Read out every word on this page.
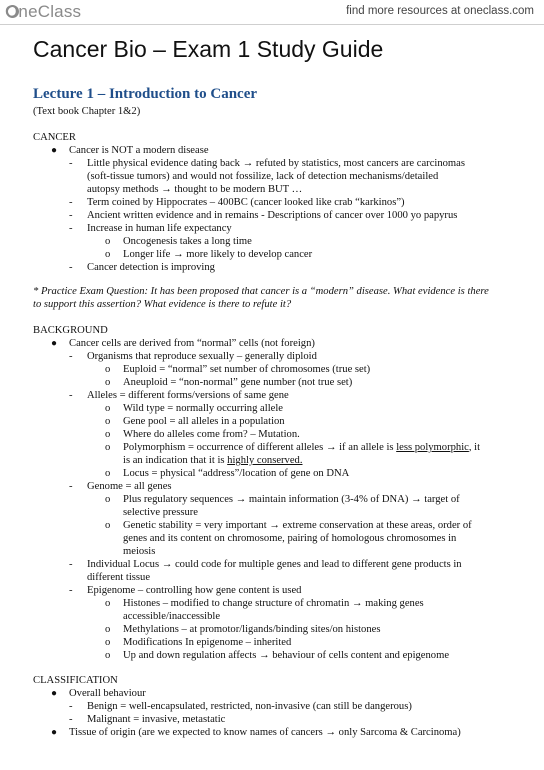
OneClass	find more resources at oneclass.com
Cancer Bio – Exam 1 Study Guide
Lecture 1 – Introduction to Cancer
(Text book Chapter 1&2)
CANCER
● Cancer is NOT a modern disease
- Little physical evidence dating back → refuted by statistics, most cancers are carcinomas
(soft-tissue tumors) and would not fossilize, lack of detection mechanisms/detailed
autopsy methods → thought to be modern BUT …
- Term coined by Hippocrates – 400BC (cancer looked like crab “karkinos”)
- Ancient written evidence and in remains - Descriptions of cancer over 1000 yo papyrus
- Increase in human life expectancy
o Oncogenesis takes a long time
o Longer life → more likely to develop cancer
- Cancer detection is improving
* Practice Exam Question: It has been proposed that cancer is a “modern” disease. What evidence is there
to support this assertion? What evidence is there to refute it?
BACKGROUND
● Cancer cells are derived from “normal” cells (not foreign)
- Organisms that reproduce sexually – generally diploid
o Euploid = “normal” set number of chromosomes (true set)
o Aneuploid = “non-normal” gene number (not true set)
- Alleles = different forms/versions of same gene
o Wild type = normally occurring allele
o Gene pool = all alleles in a population
o Where do alleles come from? – Mutation.
o Polymorphism = occurrence of different alleles → if an allele is less polymorphic, it
is an indication that it is highly conserved.
o Locus = physical “address”/location of gene on DNA
- Genome = all genes
o Plus regulatory sequences → maintain information (3-4% of DNA) → target of
selective pressure
o Genetic stability = very important → extreme conservation at these areas, order of
genes and its content on chromosome, pairing of homologous chromosomes in
meiosis
- Individual Locus → could code for multiple genes and lead to different gene products in
different tissue
- Epigenome – controlling how gene content is used
o Histones – modified to change structure of chromatin → making genes
accessible/inaccessible
o Methylations – at promotor/ligands/binding sites/on histones
o Modifications In epigenome – inherited
o Up and down regulation affects → behaviour of cells content and epigenome
CLASSIFICATION
● Overall behaviour
- Benign = well-encapsulated, restricted, non-invasive (can still be dangerous)
- Malignant = invasive, metastatic
● Tissue of origin (are we expected to know names of cancers → only Sarcoma & Carcinoma)
